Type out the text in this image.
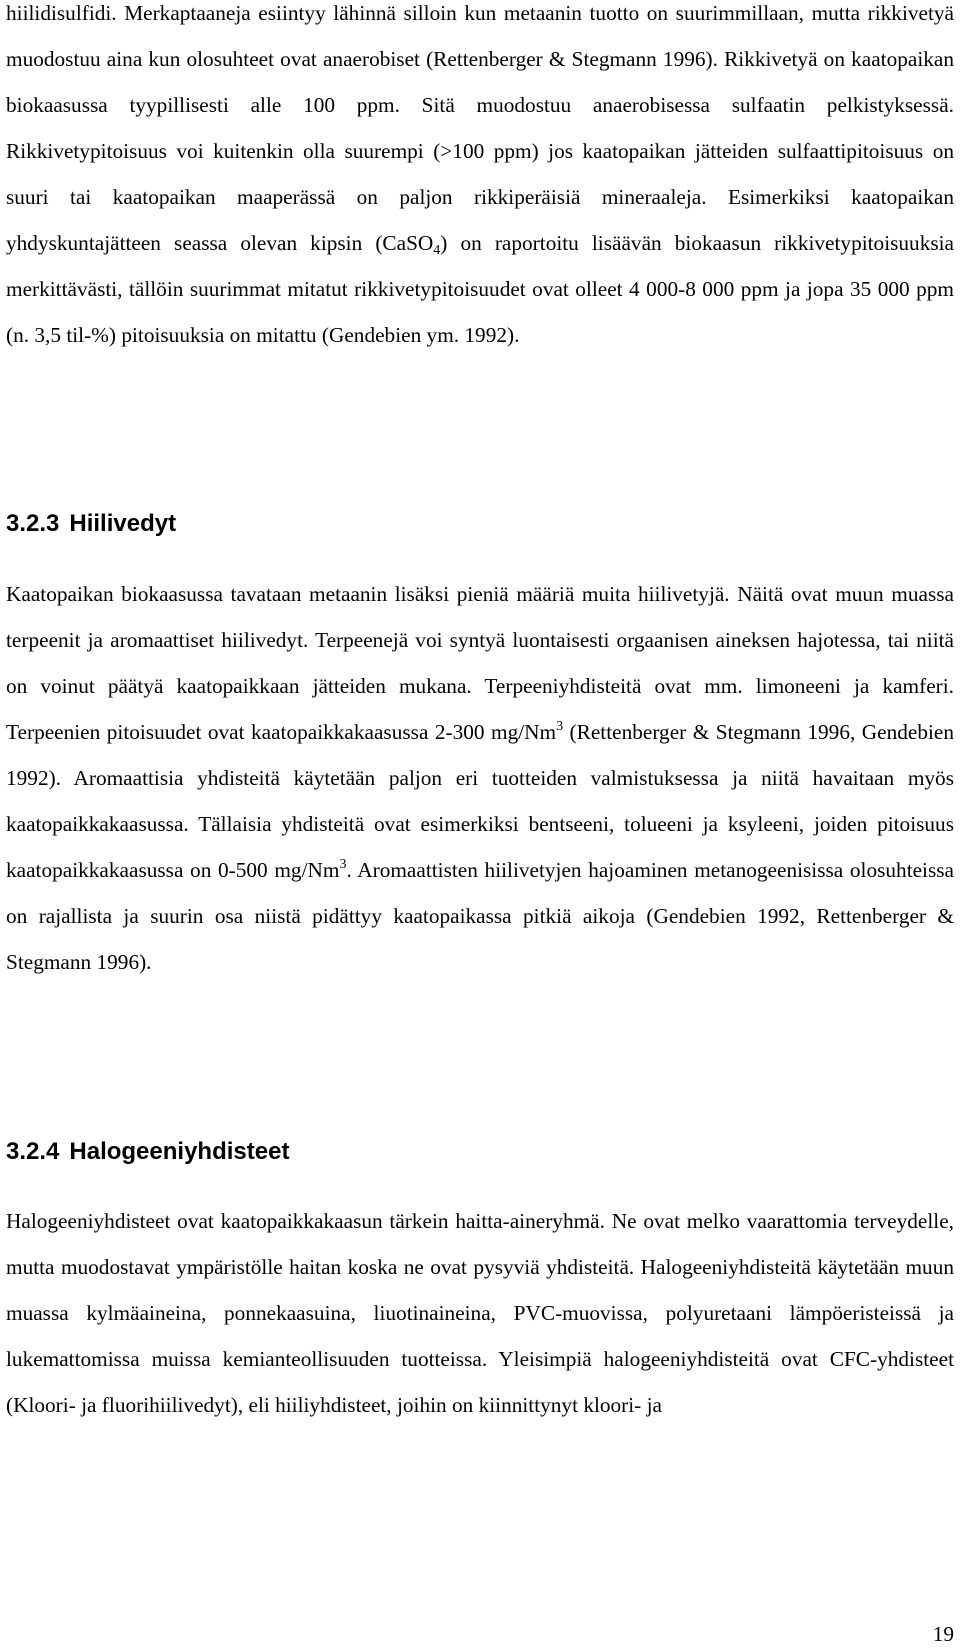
hiilidisulfidi. Merkaptaaneja esiintyy lähinnä silloin kun metaanin tuotto on suurimmillaan, mutta rikkivetyä muodostuu aina kun olosuhteet ovat anaerobiset (Rettenberger & Stegmann 1996). Rikkivetyä on kaatopaikan biokaasussa tyypillisesti alle 100 ppm. Sitä muodostuu anaerobisessa sulfaatin pelkistyksessä. Rikkivetypitoisuus voi kuitenkin olla suurempi (>100 ppm) jos kaatopaikan jätteiden sulfaattipitoisuus on suuri tai kaatopaikan maaperässä on paljon rikkiperäisiä mineraaleja. Esimerkiksi kaatopaikan yhdyskuntajätteen seassa olevan kipsin (CaSO$_4$) on raportoitu lisäävän biokaasun rikkivetypitoisuuksia merkittävästi, tällöin suurimmat mitatut rikkivetypitoisuudet ovat olleet 4 000-8 000 ppm ja jopa 35 000 ppm (n. 3,5 til-%) pitoisuuksia on mitattu (Gendebien ym. 1992).

3.2.3 Hiilivedyt

Kaatopaikan biokaasussa tavataan metaanin lisäksi pieniä määriä muita hiilivetyjä. Näitä ovat muun muassa terpeenit ja aromaattiset hiilivedyt. Terpeenejä voi syntyä luontaisesti orgaanisen aineksen hajotessa, tai niitä on voinut päätyä kaatopaikkaan jätteiden mukana. Terpeeniyhdisteitä ovat mm. limoneeni ja kamferi. Terpeenien pitoisuudet ovat kaatopaikkakaasussa 2-300 mg/Nm$^3$ (Rettenberger & Stegmann 1996, Gendebien 1992). Aromaattisia yhdisteitä käytetään paljon eri tuotteiden valmistuksessa ja niitä havaitaan myös kaatopaikkakaasussa. Tällaisia yhdisteitä ovat esimerkiksi bentseeni, tolueeni ja ksyleeni, joiden pitoisuus kaatopaikkakaasussa on 0-500 mg/Nm$^3$. Aromaattisten hiilivetyjen hajoaminen metanogeenisissa olosuhteissa on rajallista ja suurin osa niistä pidättyy kaatopaikassa pitkiä aikoja (Gendebien 1992, Rettenberger & Stegmann 1996).

3.2.4 Halogeeniyhdisteet

Halogeeniyhdisteet ovat kaatopaikkakaasun tärkein haitta-aineryhmä. Ne ovat melko vaarattomia terveydelle, mutta muodostavat ympäristölle haitan koska ne ovat pysyviä yhdisteitä. Halogeeniyhdisteitä käytetään muun muassa kylmäaineina, ponnekaasuina, liuotinaineina, PVC-muovissa, polyuretaani lämpöeristeissä ja lukemattomissa muissa kemianteollisuuden tuotteissa. Yleisimpiä halogeeniyhdisteitä ovat CFC-yhdisteet (Kloori- ja fluorihiilivedyt), eli hiiliyhdisteet, joihin on kiinnittynyt kloori- ja

19
